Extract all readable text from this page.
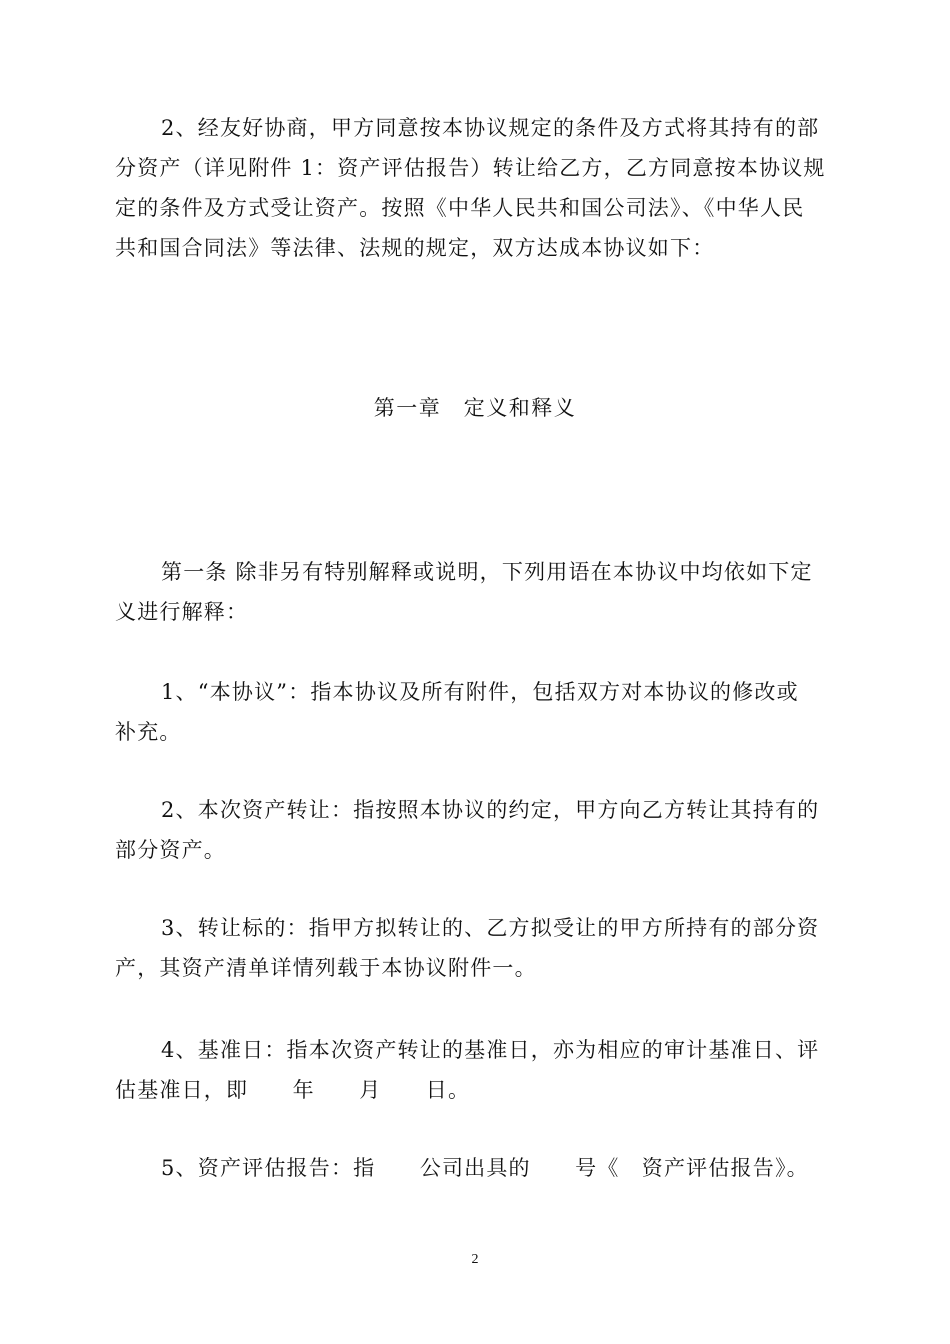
2、经友好协商，甲方同意按本协议规定的条件及方式将其持有的部
分资产（详见附件 1：资产评估报告）转让给乙方，乙方同意按本协议规
定的条件及方式受让资产。按照《中华人民共和国公司法》、《中华人民
共和国合同法》等法律、法规的规定，双方达成本协议如下：
第一章　定义和释义
第一条 除非另有特别解释或说明，下列用语在本协议中均依如下定
义进行解释：
1、“本协议”：指本协议及所有附件，包括双方对本协议的修改或
补充。
2、本次资产转让：指按照本协议的约定，甲方向乙方转让其持有的
部分资产。
3、转让标的：指甲方拟转让的、乙方拟受让的甲方所持有的部分资
产，其资产清单详情列载于本协议附件一。
4、基准日：指本次资产转让的基准日，亦为相应的审计基准日、评
估基准日，即　　年　　月　　日。
5、资产评估报告：指　　公司出具的　　号《　资产评估报告》。
2
